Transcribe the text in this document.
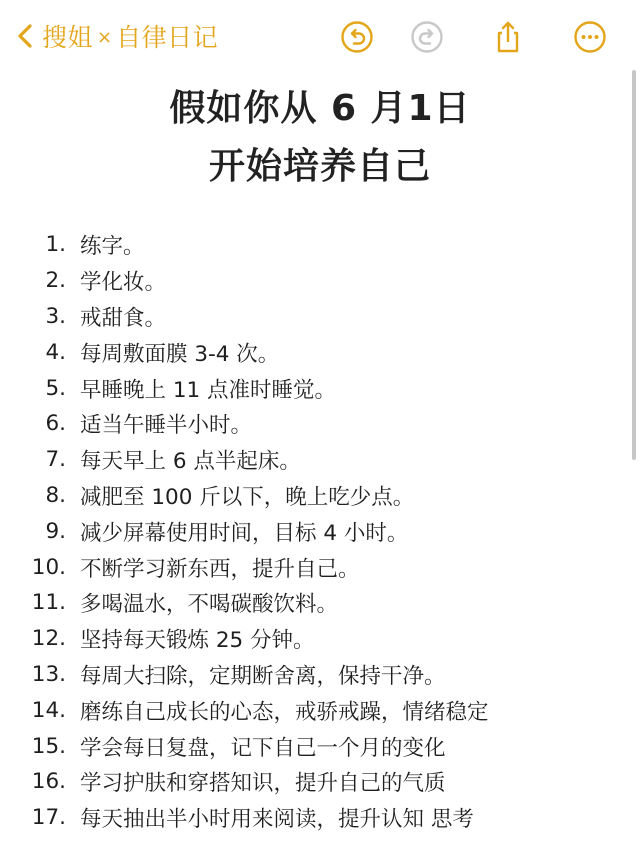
搜姐 × 自律日记
假如你从 6 月1日
开始培养自己
1. 练字。
2. 学化妆。
3. 戒甜食。
4. 每周敷面膜 3-4 次。
5. 早睡晚上 11 点准时睡觉。
6. 适当午睡半小时。
7. 每天早上 6 点半起床。
8. 减肥至 100 斤以下，晚上吃少点。
9. 减少屏幕使用时间，目标 4 小时。
10. 不断学习新东西，提升自己。
11. 多喝温水，不喝碳酸饮料。
12. 坚持每天锻炼 25 分钟。
13. 每周大扫除，定期断舍离，保持干净。
14. 磨练自己成长的心态，戒骄戒躁，情绪稳定
15. 学会每日复盘，记下自己一个月的变化
16. 学习护肤和穿搭知识，提升自己的气质
17. 每天抽出半小时用来阅读，提升认知 思考
